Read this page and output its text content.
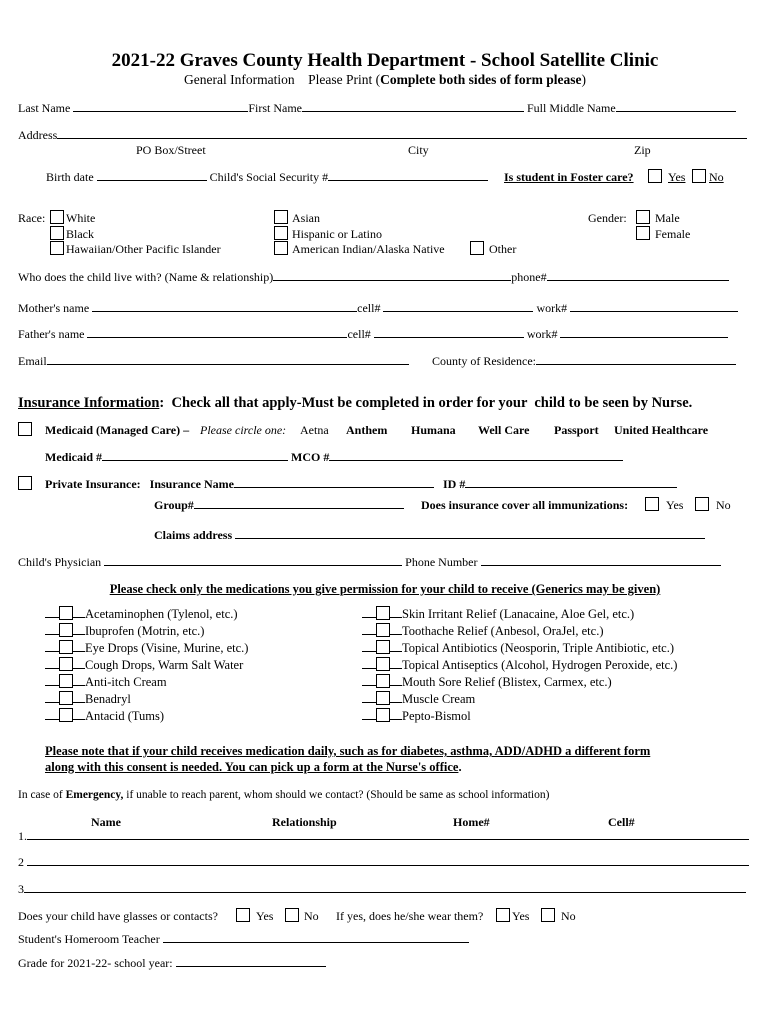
2021-22 Graves County Health Department - School Satellite Clinic
General Information    Please Print (Complete both sides of form please)
Last Name	First Name	Full Middle Name
Address
PO Box/Street	City	Zip
Birth date	Child's Social Security #	Is student in Foster care?	Yes No
Race: White
Black
Hawaiian/Other Pacific Islander
Asian
Hispanic or Latino
American Indian/Alaska Native	Other
Gender: Male
Female
Who does the child live with? (Name & relationship)	phone#
Mother's name	cell#	work#
Father's name	cell#	work#
Email	County of Residence:
Insurance Information:  Check all that apply-Must be completed in order for your  child to be seen by Nurse.
Medicaid (Managed Care) – Please circle one: Aetna Anthem Humana Well Care Passport United Healthcare
Medicaid #	MCO #
Private Insurance: Insurance Name	ID #
Group#	Does insurance cover all immunizations:	Yes	No
Claims address
Child's Physician	Phone Number
Please check only the medications you give permission for your child to receive (Generics may be given)
Acetaminophen (Tylenol, etc.)
Ibuprofen (Motrin, etc.)
Eye Drops (Visine, Murine, etc.)
Cough Drops, Warm Salt Water
Anti-itch Cream
Benadryl
Antacid (Tums)
Skin Irritant Relief (Lanacaine, Aloe Gel, etc.)
Toothache Relief (Anbesol, OraJel, etc.)
Topical Antibiotics (Neosporin, Triple Antibiotic, etc.)
Topical Antiseptics (Alcohol, Hydrogen Peroxide, etc.)
Mouth Sore Relief (Blistex, Carmex, etc.)
Muscle Cream
Pepto-Bismol
Please note that if your child receives medication daily, such as for diabetes, asthma, ADD/ADHD a different form
along with this consent is needed. You can pick up a form at the Nurse's office.
In case of Emergency, if unable to reach parent, whom should we contact? (Should be same as school information)
Name	Relationship	Home#	Cell#
1.
2
3
Does your child have glasses or contacts?	Yes	No If yes, does he/she wear them? Yes	No
Student's Homeroom Teacher
Grade for 2021-22- school year:
